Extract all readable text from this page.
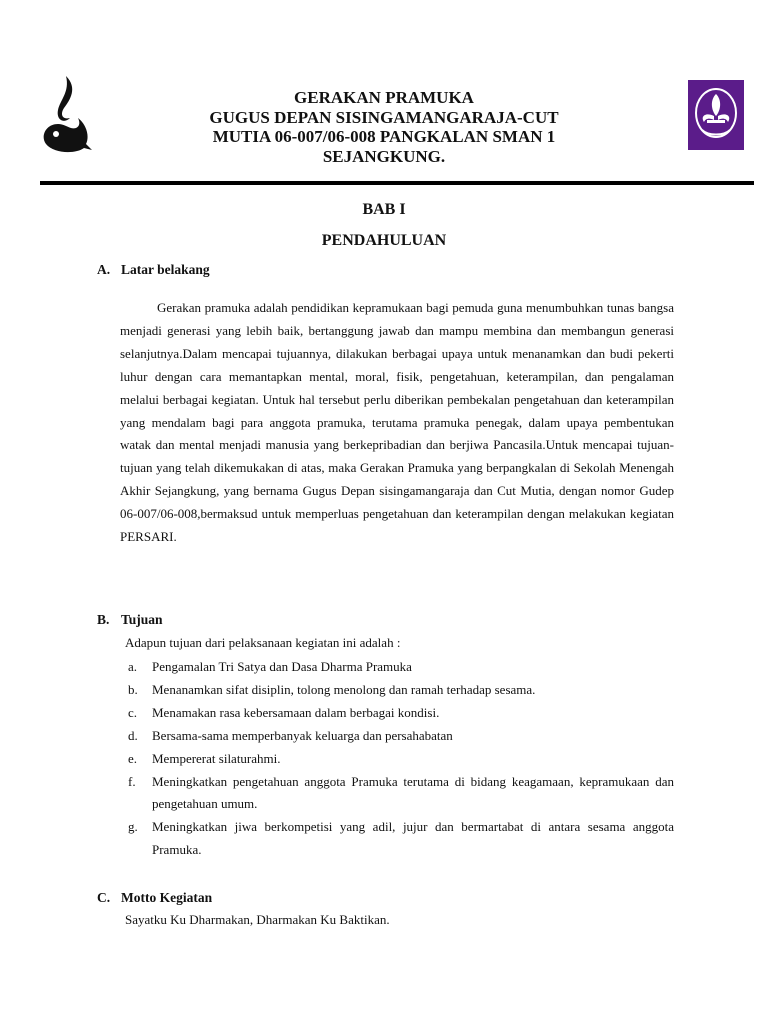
GERAKAN PRAMUKA
GUGUS DEPAN SISINGAMANGARAJA-CUT
MUTIA 06-007/06-008 PANGKALAN SMAN 1
SEJANGKUNG.
BAB I
PENDAHULUAN
A. Latar belakang
Gerakan pramuka adalah pendidikan kepramukaan bagi pemuda guna menumbuhkan tunas bangsa menjadi generasi yang lebih baik, bertanggung jawab dan mampu membina dan membangun generasi selanjutnya.Dalam mencapai tujuannya, dilakukan berbagai upaya untuk menanamkan dan budi pekerti luhur dengan cara memantapkan mental, moral, fisik, pengetahuan, keterampilan, dan pengalaman melalui berbagai kegiatan. Untuk hal tersebut perlu diberikan pembekalan pengetahuan dan keterampilan yang mendalam bagi para anggota pramuka, terutama pramuka penegak, dalam upaya pembentukan watak dan mental menjadi manusia yang berkepribadian dan berjiwa Pancasila.Untuk mencapai tujuan-tujuan yang telah dikemukakan di atas, maka Gerakan Pramuka yang berpangkalan di Sekolah Menengah Akhir Sejangkung, yang bernama Gugus Depan sisingamangaraja dan Cut Mutia, dengan nomor Gudep 06-007/06-008,bermaksud untuk memperluas pengetahuan dan keterampilan dengan melakukan kegiatan PERSARI.
B. Tujuan
Adapun tujuan dari pelaksanaan kegiatan ini adalah :
a. Pengamalan Tri Satya dan Dasa Dharma Pramuka
b. Menanamkan sifat disiplin, tolong menolong dan ramah terhadap sesama.
c. Menamakan rasa kebersamaan dalam berbagai kondisi.
d. Bersama-sama memperbanyak keluarga dan persahabatan
e. Mempererat silaturahmi.
f. Meningkatkan pengetahuan anggota Pramuka terutama di bidang keagamaan, kepramukaan dan pengetahuan umum.
g. Meningkatkan jiwa berkompetisi yang adil, jujur dan bermartabat di antara sesama anggota Pramuka.
C. Motto Kegiatan
Sayatku Ku Dharmakan, Dharmakan Ku Baktikan.
